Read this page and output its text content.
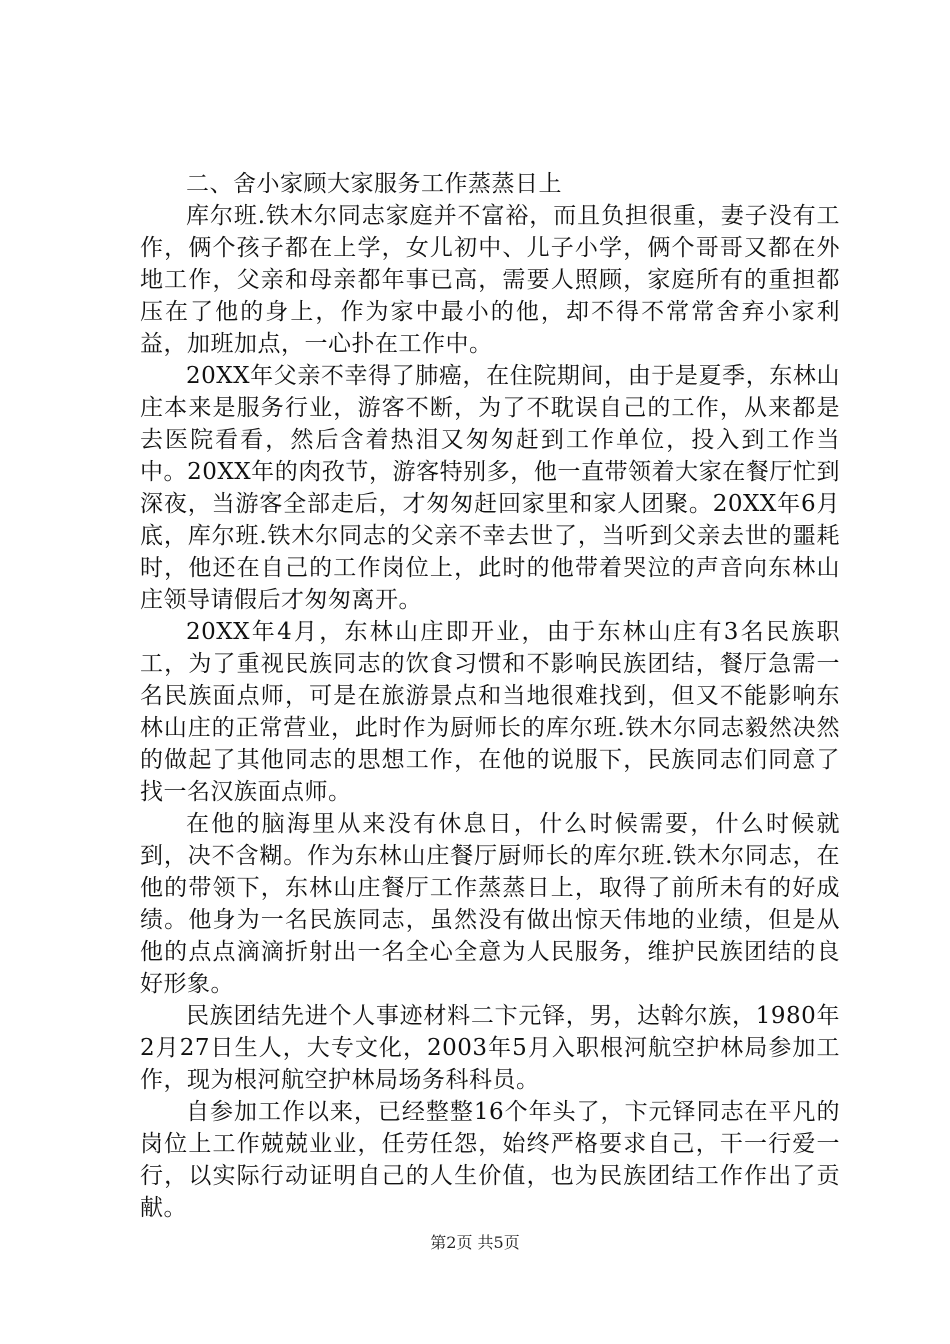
二、舍小家顾大家服务工作蒸蒸日上

库尔班.铁木尔同志家庭并不富裕，而且负担很重，妻子没有工作，俩个孩子都在上学，女儿初中、儿子小学，俩个哥哥又都在外地工作，父亲和母亲都年事已高，需要人照顾，家庭所有的重担都压在了他的身上，作为家中最小的他，却不得不常常舍弃小家利益，加班加点，一心扑在工作中。

20XX年父亲不幸得了肺癌，在住院期间，由于是夏季，东林山庄本来是服务行业，游客不断，为了不耽误自己的工作，从来都是去医院看看，然后含着热泪又匆匆赶到工作单位，投入到工作当中。20XX年的肉孜节，游客特别多，他一直带领着大家在餐厅忙到深夜，当游客全部走后，才匆匆赶回家里和家人团聚。20XX年6月底，库尔班.铁木尔同志的父亲不幸去世了，当听到父亲去世的噩耗时，他还在自己的工作岗位上，此时的他带着哭泣的声音向东林山庄领导请假后才匆匆离开。

20XX年4月，东林山庄即开业，由于东林山庄有3名民族职工，为了重视民族同志的饮食习惯和不影响民族团结，餐厅急需一名民族面点师，可是在旅游景点和当地很难找到，但又不能影响东林山庄的正常营业，此时作为厨师长的库尔班.铁木尔同志毅然决然的做起了其他同志的思想工作，在他的说服下，民族同志们同意了找一名汉族面点师。

在他的脑海里从来没有休息日，什么时候需要，什么时候就到，决不含糊。作为东林山庄餐厅厨师长的库尔班.铁木尔同志，在他的带领下，东林山庄餐厅工作蒸蒸日上，取得了前所未有的好成绩。他身为一名民族同志，虽然没有做出惊天伟地的业绩，但是从他的点点滴滴折射出一名全心全意为人民服务，维护民族团结的良好形象。

民族团结先进个人事迹材料二卞元铎，男，达斡尔族，1980年2月27日生人，大专文化，2003年5月入职根河航空护林局参加工作，现为根河航空护林局场务科科员。

自参加工作以来，已经整整16个年头了，卞元铎同志在平凡的岗位上工作兢兢业业，任劳任怨，始终严格要求自己，干一行爱一行，以实际行动证明自己的人生价值，也为民族团结工作作出了贡献。

第2页 共5页
